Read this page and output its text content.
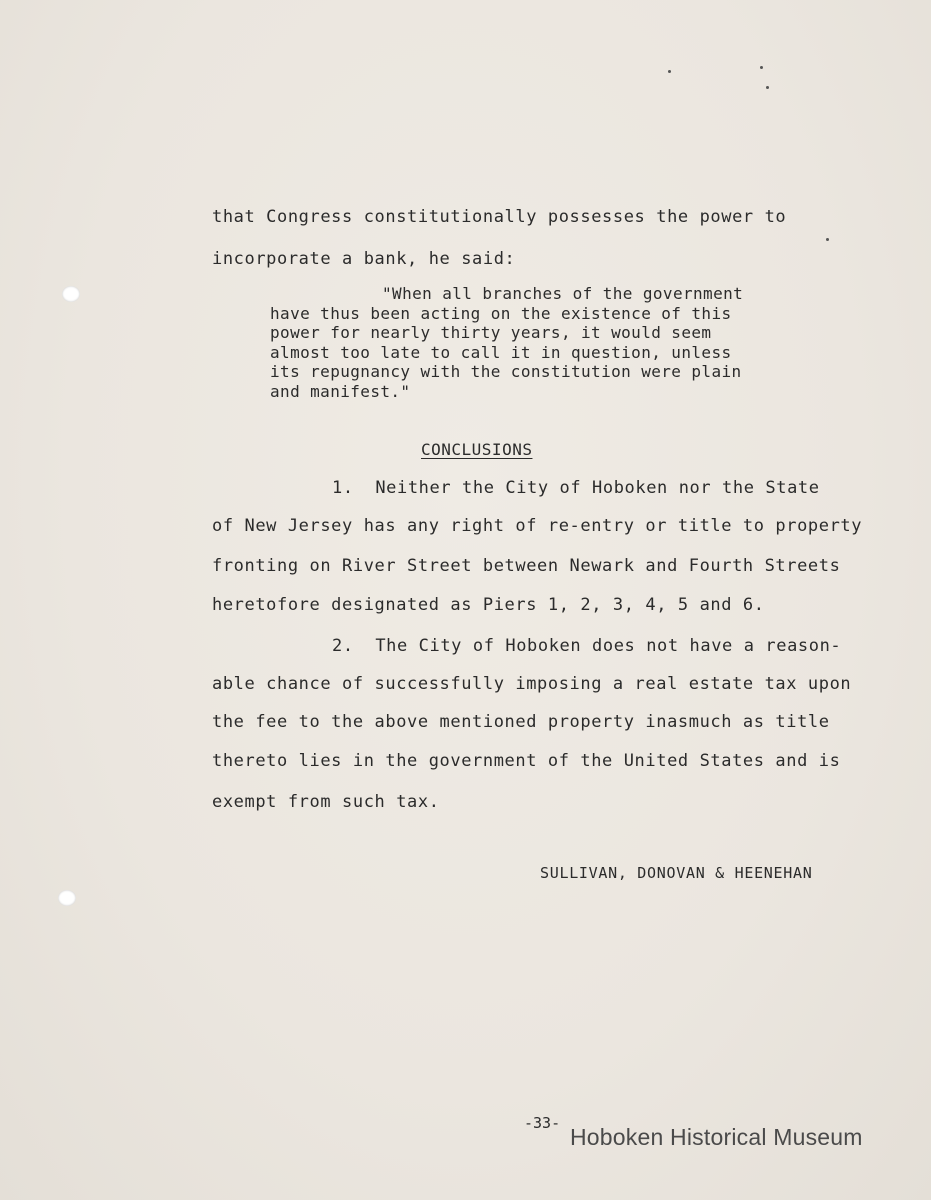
that Congress constitutionally possesses the power to
incorporate a bank, he said:
"When all branches of the government
have thus been acting on the existence of this
power for nearly thirty years, it would seem
almost too late to call it in question, unless
its repugnancy with the constitution were plain
and manifest."
CONCLUSIONS
1.  Neither the City of Hoboken nor the State
of New Jersey has any right of re-entry or title to property
fronting on River Street between Newark and Fourth Streets
heretofore designated as Piers 1, 2, 3, 4, 5 and 6.
2.  The City of Hoboken does not have a reason-
able chance of successfully imposing a real estate tax upon
the fee to the above mentioned property inasmuch as title
thereto lies in the government of the United States and is
exempt from such tax.
SULLIVAN, DONOVAN & HEENEHAN
-33-
Hoboken Historical Museum
